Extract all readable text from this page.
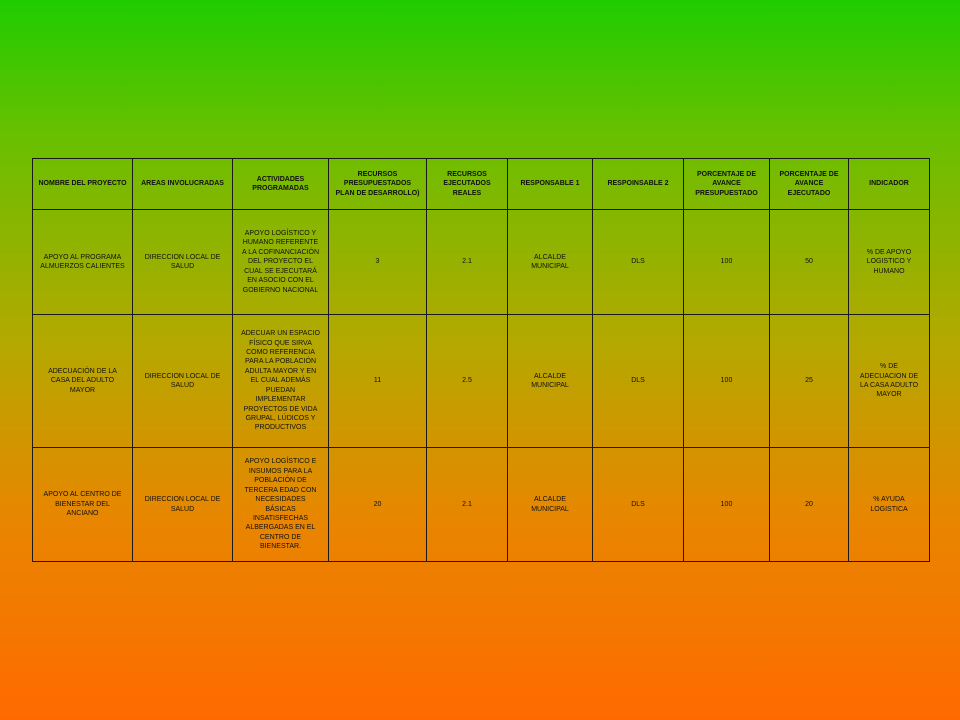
NOMBRE DEL PROYECTO	AREAS INVOLUCRADAS	ACTIVIDADES PROGRAMADAS	RECURSOS PRESUPUESTADOS PLAN DE DESARROLLO)	RECURSOS EJECUTADOS REALES	RESPONSABLE 1	RESPOINSABLE 2	PORCENTAJE DE AVANCE PRESUPUESTADO	PORCENTAJE DE AVANCE EJECUTADO	INDICADOR
APOYO AL PROGRAMA ALMUERZOS CALIENTES	DIRECCION LOCAL DE SALUD	APOYO LOGÍSTICO Y HUMANO REFERENTE A LA COFINANCIACIÓN DEL PROYECTO EL CUAL SE EJECUTARÁ EN ASOCIO CON EL GOBIERNO NACIONAL	3	2.1	ALCALDE MUNICIPAL	DLS	100	50	% DE APOYO LOGISTICO Y HUMANO
ADECUACIÓN DE LA CASA DEL ADULTO MAYOR	DIRECCION LOCAL DE SALUD	ADECUAR UN ESPACIO FÍSICO QUE SIRVA COMO REFERENCIA PARA LA POBLACIÓN ADULTA MAYOR Y EN EL CUAL ADEMÁS PUEDAN IMPLEMENTAR PROYECTOS DE VIDA GRUPAL, LÚDICOS Y PRODUCTIVOS	11	2.5	ALCALDE MUNICIPAL	DLS	100	25	% DE ADECUACION DE LA CASA ADULTO MAYOR
APOYO AL CENTRO DE BIENESTAR DEL ANCIANO	DIRECCION LOCAL DE SALUD	APOYO LOGÍSTICO E INSUMOS PARA LA POBLACIÓN DE TERCERA EDAD CON NECESIDADES BÁSICAS INSATISFECHAS ALBERGADAS EN EL CENTRO DE BIENESTAR.	20	2.1	ALCALDE MUNICIPAL	DLS	100	20	% AYUDA LOGISTICA
